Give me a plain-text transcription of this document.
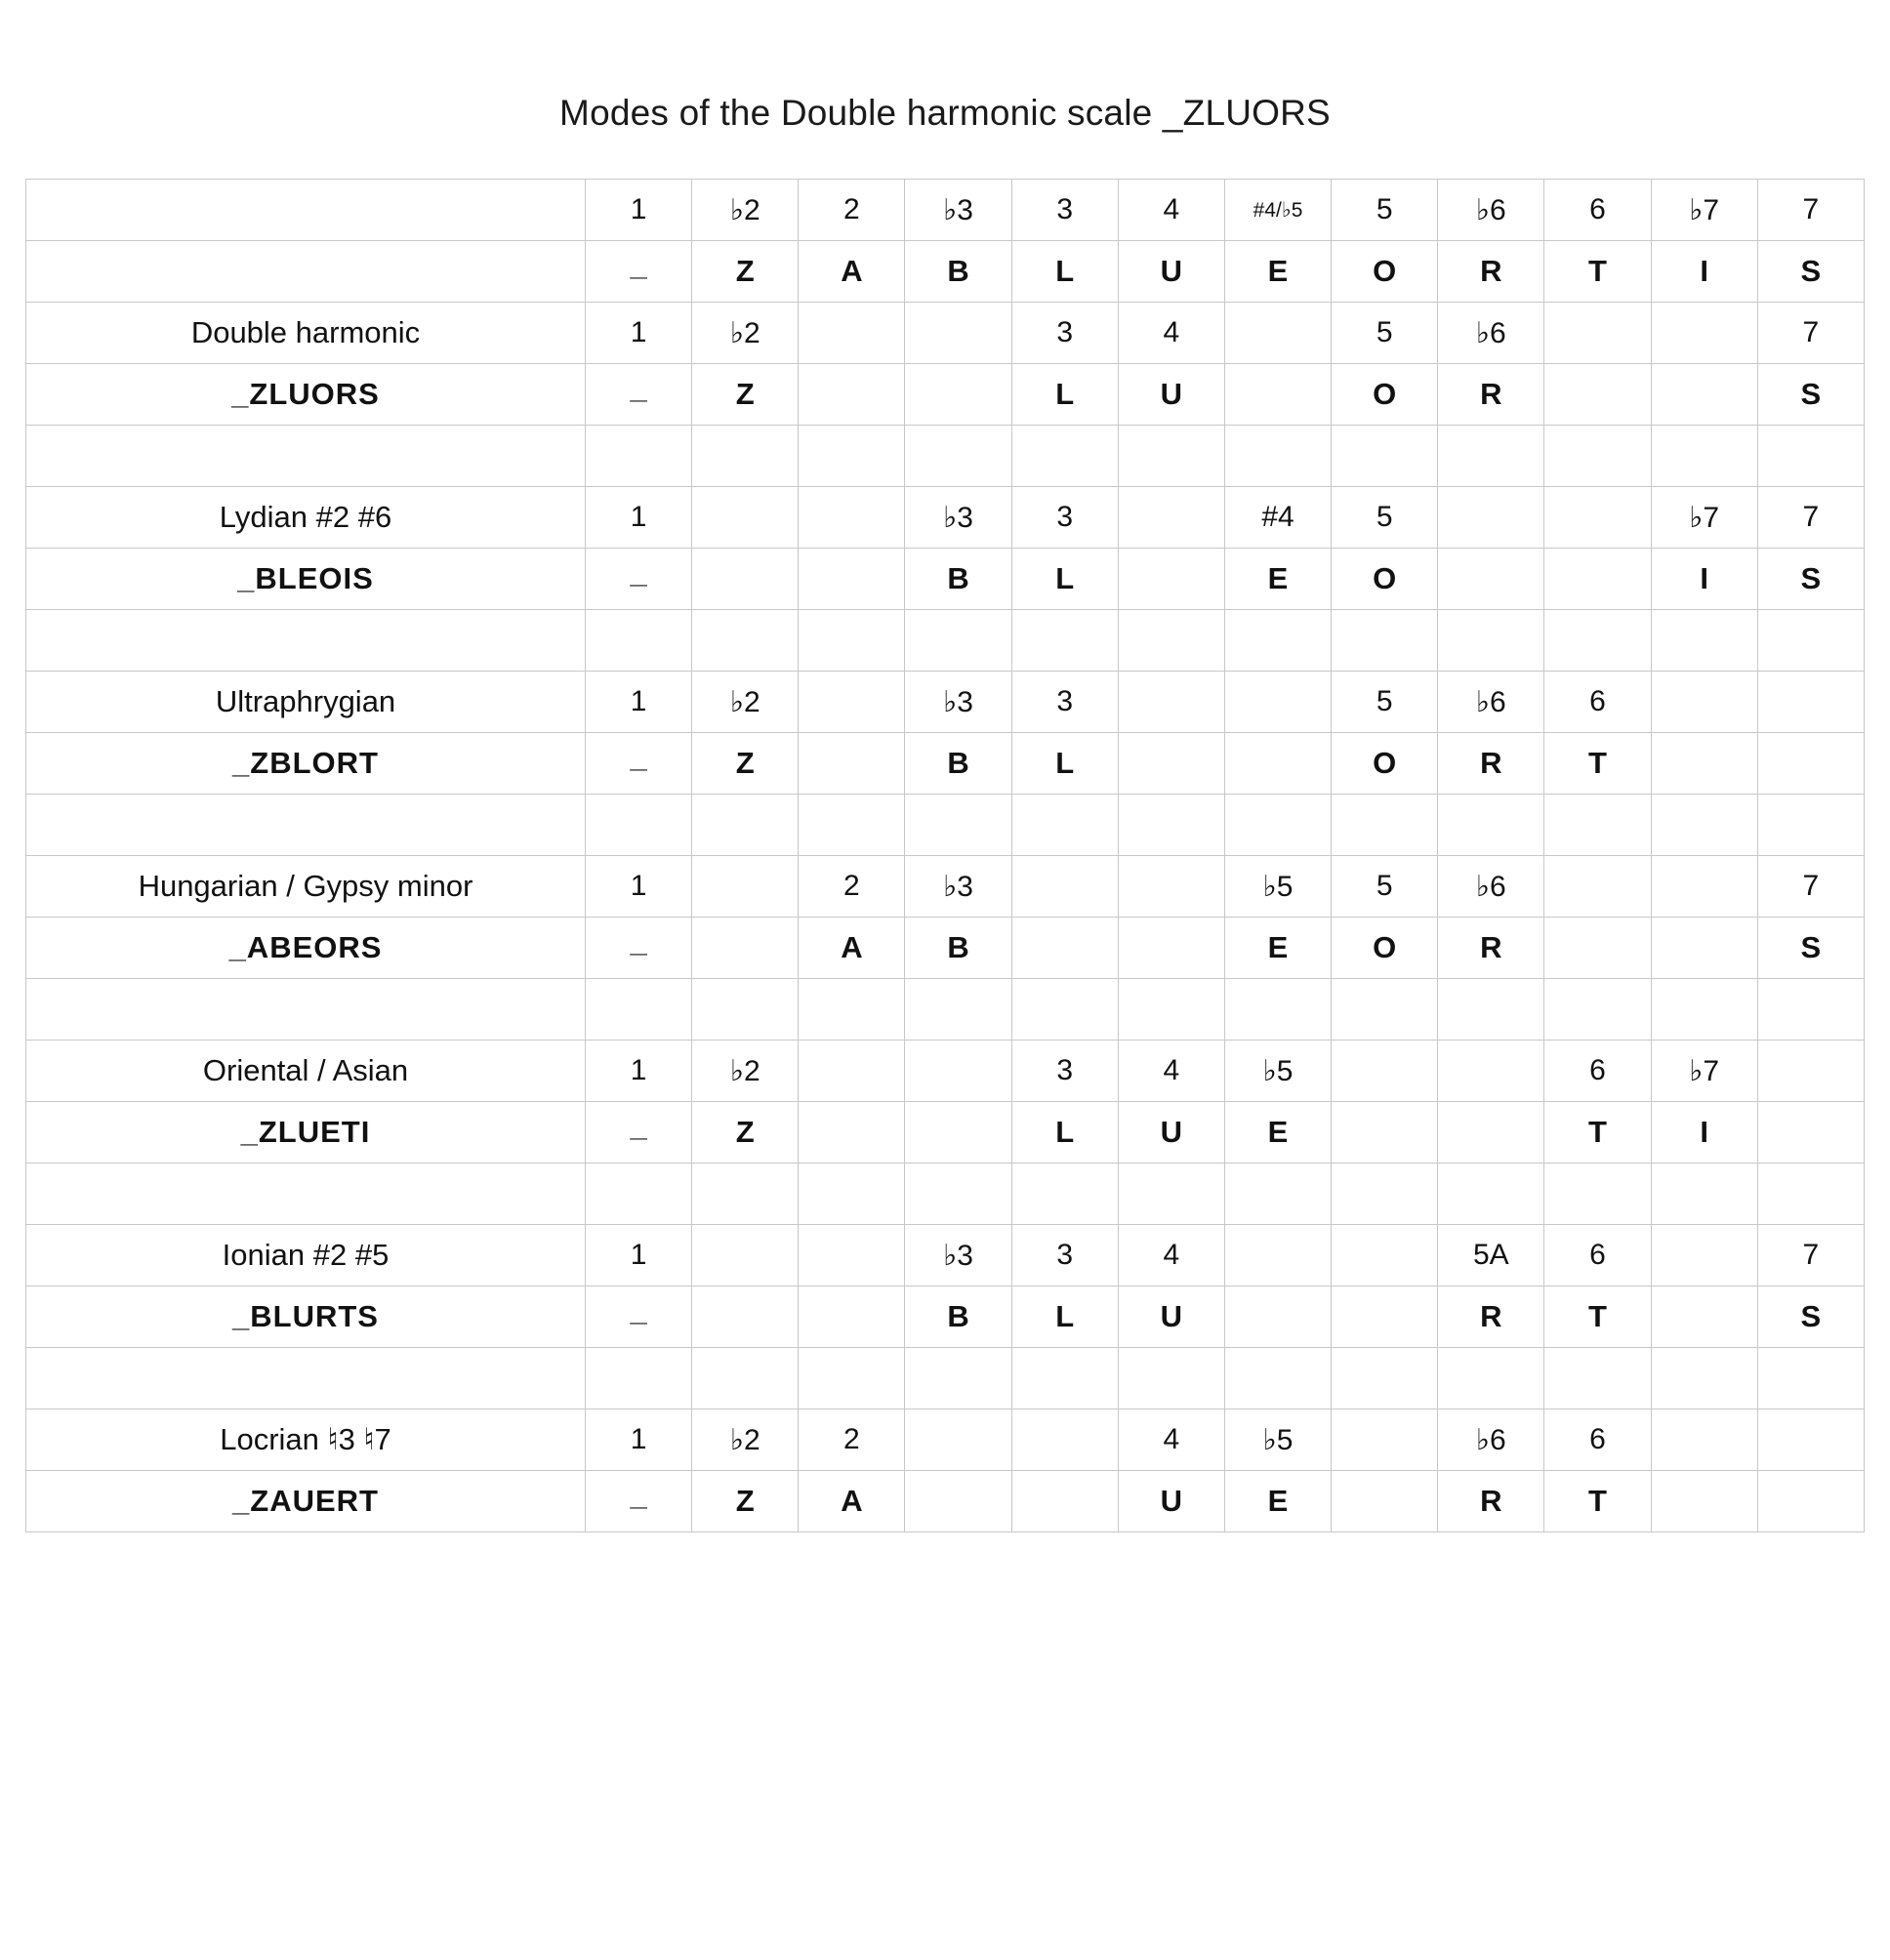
Modes of the Double harmonic scale _ZLUORS
	1	♭2	2	♭3	3	4	#4/♭5	5	♭6	6	♭7	7
	_	Z	A	B	L	U	E	O	R	T	I	S
Double harmonic	1	♭2			3	4		5	♭6			7
_ZLUORS	_	Z			L	U		O	R			S

Lydian #2 #6	1			♭3	3		#4	5			♭7	7
_BLEOIS	_			B	L		E	O			I	S

Ultraphrygian	1	♭2		♭3	3			5	♭6	6		
_ZBLORT	_	Z		B	L			O	R	T		

Hungarian / Gypsy minor	1		2	♭3			♭5	5	♭6			7
_ABEORS	_		A	B			E	O	R			S

Oriental / Asian	1	♭2			3	4	♭5			6	♭7	
_ZLUETI	_	Z			L	U	E			T	I	

Ionian #2 #5	1			♭3	3	4			5A	6		7
_BLURTS	_			B	L	U			R	T		S

Locrian ♮3 ♮7	1	♭2	2			4	♭5		♭6	6		
_ZAUERT	_	Z	A			U	E		R	T		
